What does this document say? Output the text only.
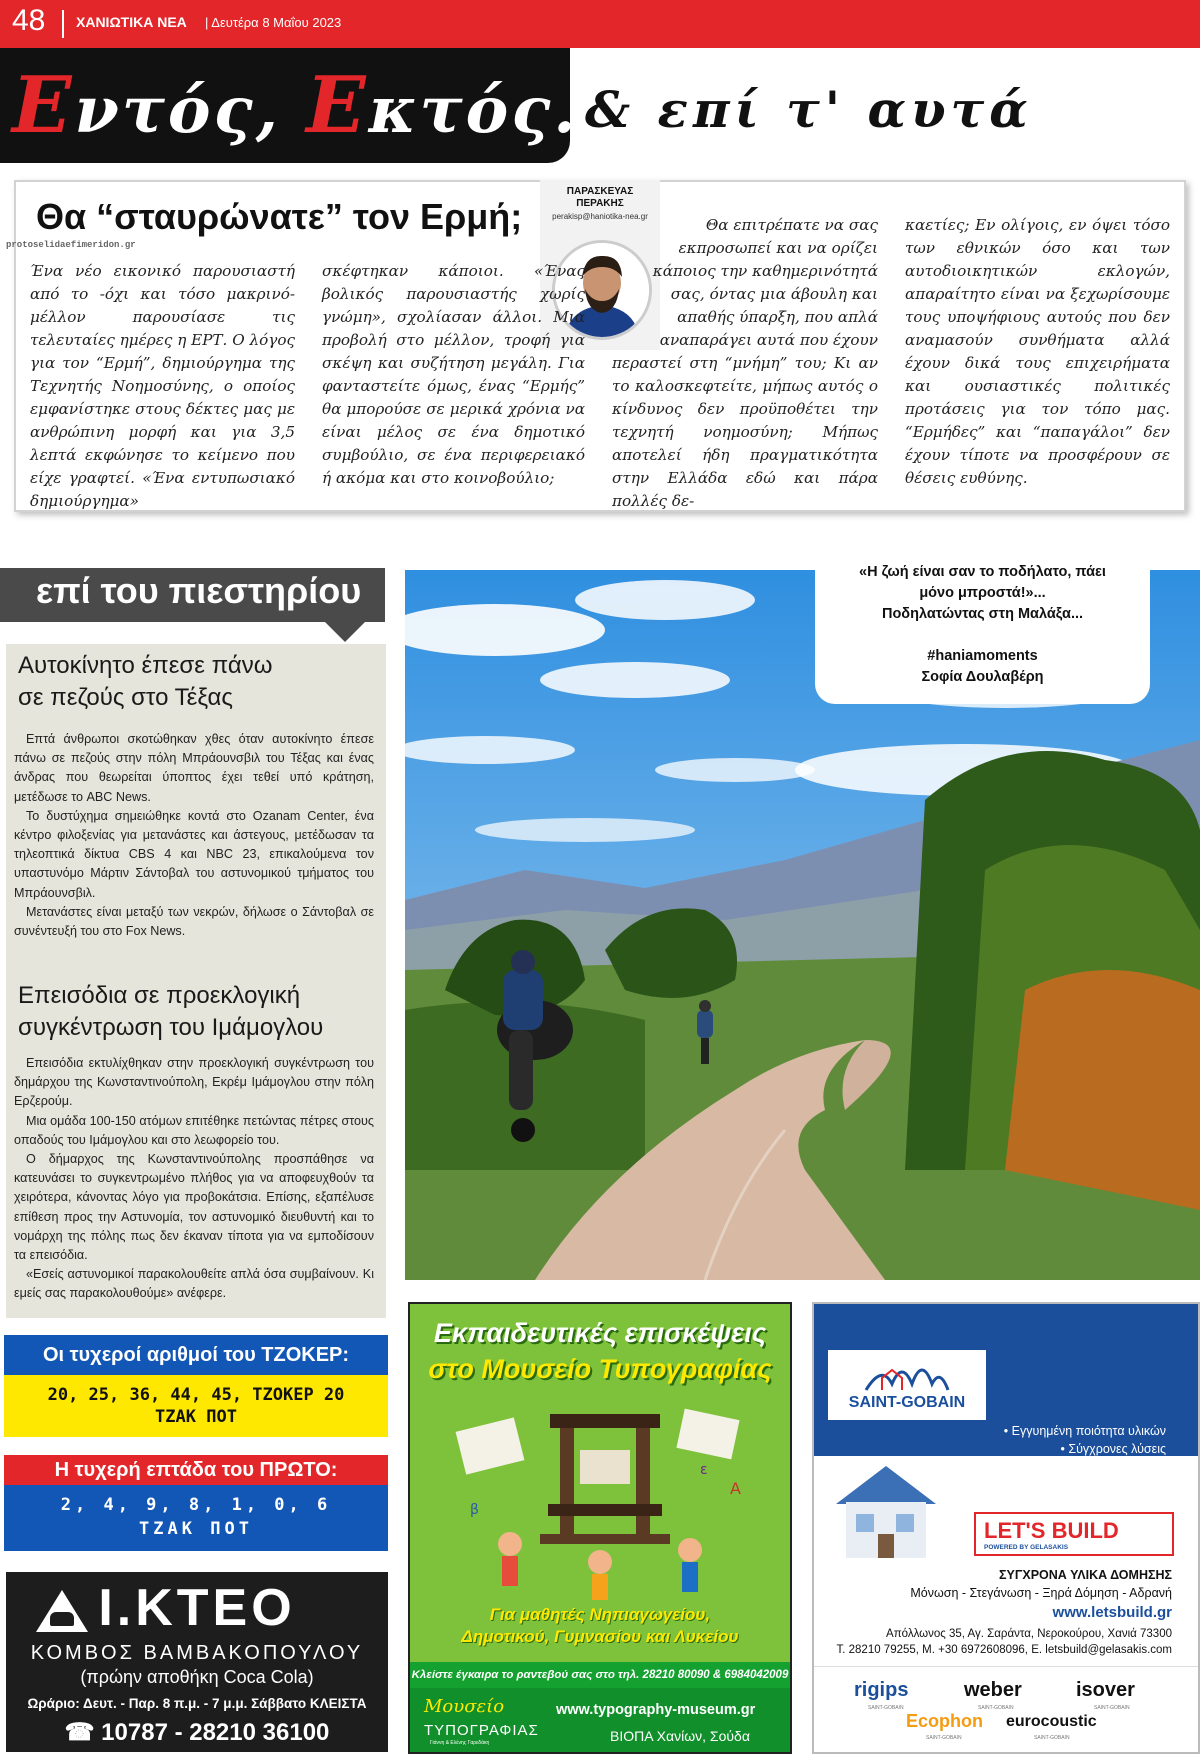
48 ΧΑΝΙΩΤΙΚΑ ΝΕΑ | Δευτέρα 8 Μαΐου 2023
Εντός, Εκτός...
& επί τ' αυτά
Θα “σταυρώνατε” τον Ερμή;
protoselidaefimeridon.gr
ΠΑΡΑΣΚΕΥΑΣ
ΠΕΡΑΚΗΣ
perakisp@haniotika-nea.gr
Ένα νέο εικονικό παρουσιαστή από το -όχι και τόσο μακρινό- μέλλον παρουσίασε τις τελευταίες ημέρες η ΕΡΤ. Ο λόγος για τον “Ερμή”, δημιούργημα της Τεχνητής Νοημοσύνης, ο οποίος εμφανίστηκε στους δέκτες μας με ανθρώπινη μορφή και για 3,5 λεπτά εκφώνησε το κείμενο που είχε γραφτεί. «Ένα εντυπωσιακό δημιούργημα»
σκέφτηκαν κάποιοι. «Ένας βολικός παρουσιαστής χωρίς γνώμη», σχολίασαν άλλοι. Μια προβολή στο μέλλον, τροφή για σκέψη και συζήτηση μεγάλη. Για φανταστείτε όμως, ένας “Ερμής” θα μπορούσε σε μερικά χρόνια να είναι μέλος σε ένα δημοτικό συμβούλιο, σε ένα περιφερειακό ή ακόμα και στο κοινοβούλιο;
Θα επιτρέπατε να σας εκπροσωπεί και να ορίζει κάποιος την καθημερινότητά σας, όντας μια άβουλη και απαθής ύπαρξη, που απλά αναπαράγει αυτά που έχουν
περαστεί στη “μνήμη” του; Κι αν το καλοσκεφτείτε, μήπως αυτός ο κίνδυνος δεν προϋποθέτει την τεχνητή νοημοσύνη; Μήπως αποτελεί ήδη πραγματικότητα στην Ελλάδα εδώ και πάρα πολλές δε-
καετίες; Εν ολίγοις, εν όψει τόσο των εθνικών όσο και των αυτοδιοικητικών εκλογών, απαραίτητο είναι να ξεχωρίσουμε τους υποψήφιους αυτούς που δεν αναμασούν συνθήματα αλλά έχουν δικά τους επιχειρήματα και ουσιαστικές πολιτικές προτάσεις για τον τόπο μας. “Ερμήδες” και “παπαγάλοι” δεν έχουν τίποτε να προσφέρουν σε θέσεις ευθύνης.
επί του πιεστηρίου
Αυτοκίνητο έπεσε πάνω
σε πεζούς στο Τέξας

Επτά άνθρωποι σκοτώθηκαν χθες όταν αυτοκίνητο έπεσε πάνω σε πεζούς στην πόλη Μπράουνσβιλ του Τέξας και ένας άνδρας που θεωρείται ύποπτος έχει τεθεί υπό κράτηση, μετέδωσε το ABC News.

Το δυστύχημα σημειώθηκε κοντά στο Ozanam Center, ένα κέντρο φιλοξενίας για μετανάστες και άστεγους, μετέδωσαν τα τηλεοπτικά δίκτυα CBS 4 και NBC 23, επικαλούμενα τον υπαστυνόμο Μάρτιν Σάντοβαλ του αστυνομικού τμήματος του Μπράουνσβιλ.

Μετανάστες είναι μεταξύ των νεκρών, δήλωσε ο Σάντοβαλ σε συνέντευξή του στο Fox News.

Επεισόδια σε προεκλογική
συγκέντρωση του Ιμάμογλου

Επεισόδια εκτυλίχθηκαν στην προεκλογική συγκέντρωση του δημάρχου της Κωνσταντινούπολη, Εκρέμ Ιμάμογλου στην πόλη Ερζερούμ.

Μια ομάδα 100-150 ατόμων επιτέθηκε πετώντας πέτρες στους οπαδούς του Ιμάμογλου και στο λεωφορείο του.

Ο δήμαρχος της Κωνσταντινούπολης προσπάθησε να κατευνάσει το συγκεντρωμένο πλήθος για να αποφευχθούν τα χειρότερα, κάνοντας λόγο για προβοκάτσια. Επίσης, εξαπέλυσε επίθεση προς την Αστυνομία, τον αστυνομικό διευθυντή και το νομάρχη της πόλης πως δεν έκαναν τίποτα για να εμποδίσουν τα επεισόδια.

«Εσείς αστυνομικοί παρακολουθείτε απλά όσα συμβαίνουν. Κι εμείς σας παρακολουθούμε» ανέφερε.

Οι τυχεροί αριθμοί του ΤΖΟΚΕΡ:
20, 25, 36, 44, 45, ΤΖΟΚΕΡ 20
ΤΖΑΚ ΠΟΤ
Η τυχερή επτάδα του ΠΡΩΤΟ:
2, 4, 9, 8, 1, 0, 6
ΤΖΑΚ ΠΟΤ
Ι.ΚΤΕΟ
ΚΟΜΒΟΣ ΒΑΜΒΑΚΟΠΟΥΛΟΥ
(πρώην αποθήκη Coca Cola)
Ωράριο: Δευτ. - Παρ. 8 π.μ. - 7 μ.μ. Σάββατο ΚΛΕΙΣΤΑ
☎ 10787 - 28210 36100
«Η ζωή είναι σαν το ποδήλατο, πάει
μόνο μπροστά!»...
Ποδηλατώντας στη Μαλάξα...
#haniamoments
Σοφία Δουλαβέρη
Εκπαιδευτικές επισκέψεις
στο Μουσείο Τυπογραφίας
Α
β
ε
Για μαθητές Νηπιαγωγείου,
Δημοτικού, Γυμνασίου και Λυκείου
Κλείστε έγκαιρα το ραντεβού σας στο τηλ. 28210 80090 & 6984042009
Μουσείο
ΤΥΠΟΓΡΑΦΙΑΣ
Γιάννη & Ελένης Γαρεδάκη
www.typography-museum.gr
ΒΙΟΠΑ Χανίων, Σούδα
SAINT-GOBAIN
• Εγγυημένη ποιότητα υλικών
• Σύγχρονες λύσεις
• Αισθητικό αποτέλεσμα
• Ευέλικτες λύσεις χρηματοδότησης
LET'S BUILD
POWERED BY GELASAKIS
ΣΥΓΧΡΟΝΑ ΥΛΙΚΑ ΔΟΜΗΣΗΣ
Μόνωση - Στεγάνωση - Ξηρά Δόμηση - Αδρανή
www.letsbuild.gr
Απόλλωνος 35, Αγ. Σαράντα, Νεροκούρου, Χανιά 73300
Τ. 28210 79255, Μ. +30 6972608096, Ε. letsbuild@gelasakis.com
rigips
SAINT-GOBAIN
weber
SAINT-GOBAIN
isover
SAINT-GOBAIN
Ecophon
SAINT-GOBAIN
eurocoustic
SAINT-GOBAIN
